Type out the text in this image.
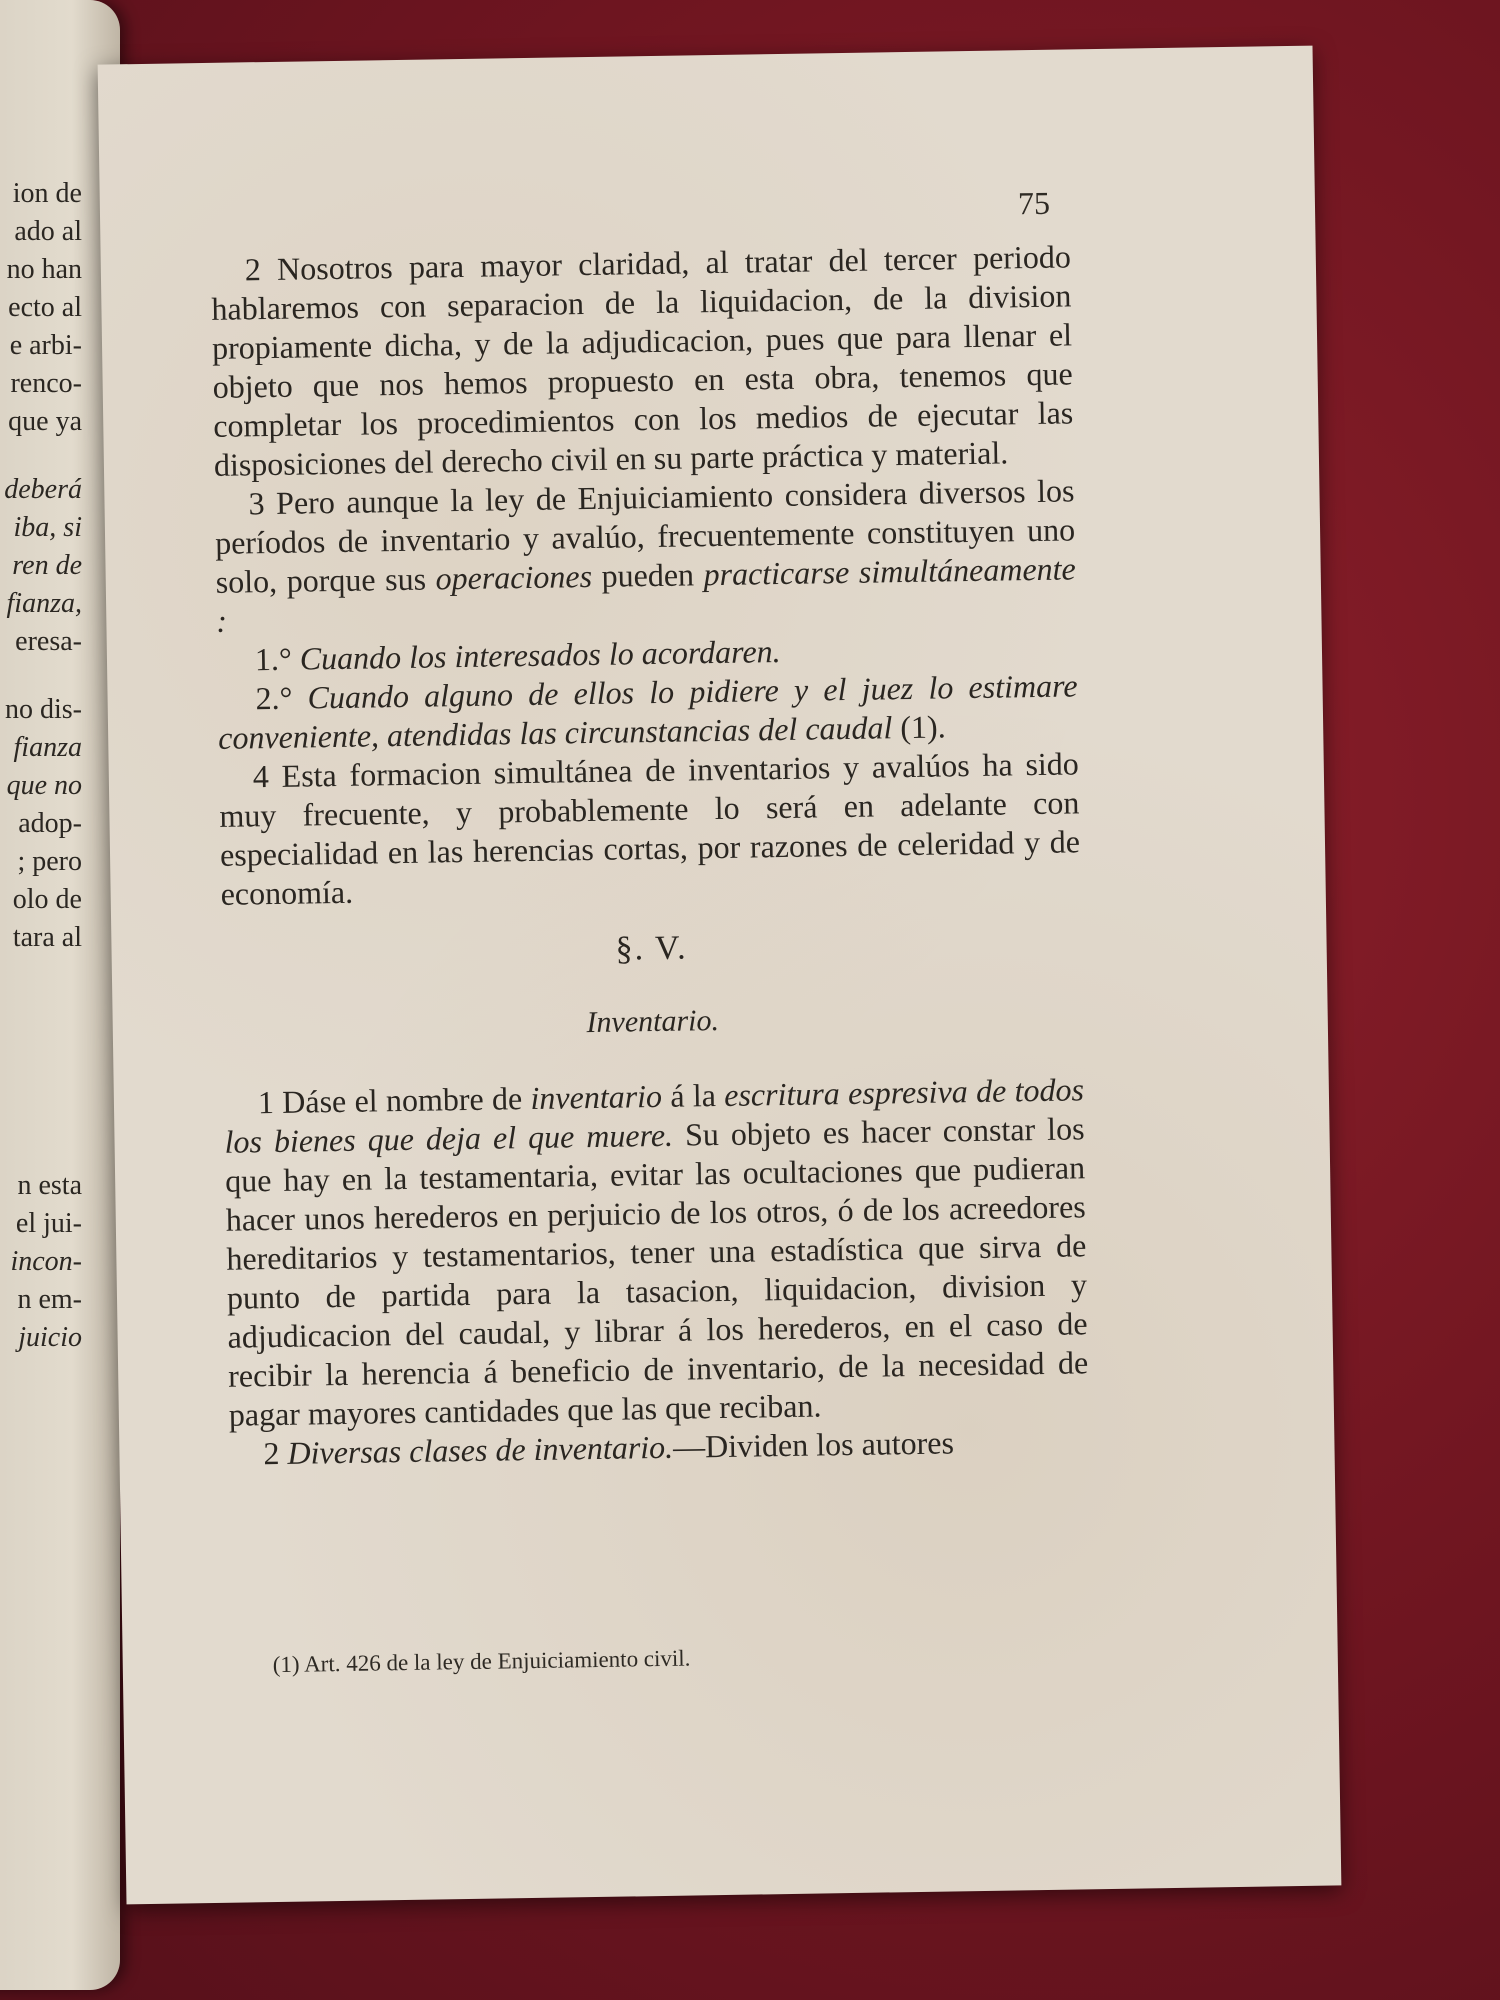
ion de
ado al
no han
ecto al
e arbi-
renco-
que ya
deberá
iba, si
ren de
fianza,
eresa-
no dis-
fianza
que no
adop-
; pero
olo de
tara al
n esta
el jui-
incon-
n em-
juicio
75

2 Nosotros para mayor claridad, al tratar del tercer periodo hablaremos con separacion de la liquidacion, de la division propiamente dicha, y de la adjudicacion, pues que para llenar el objeto que nos hemos propuesto en esta obra, tenemos que completar los procedimientos con los medios de ejecutar las disposiciones del derecho civil en su parte práctica y material.

3 Pero aunque la ley de Enjuiciamiento considera diversos los períodos de inventario y avalúo, frecuentemente constituyen uno solo, porque sus operaciones pueden practicarse simultáneamente :

1.° Cuando los interesados lo acordaren.

2.° Cuando alguno de ellos lo pidiere y el juez lo estimare conveniente, atendidas las circunstancias del caudal (1).

4 Esta formacion simultánea de inventarios y avalúos ha sido muy frecuente, y probablemente lo será en adelante con especialidad en las herencias cortas, por razones de celeridad y de economía.

§. V.
Inventario.

1 Dáse el nombre de inventario á la escritura espresiva de todos los bienes que deja el que muere. Su objeto es hacer constar los que hay en la testamentaria, evitar las ocultaciones que pudieran hacer unos herederos en perjuicio de los otros, ó de los acreedores hereditarios y testamentarios, tener una estadística que sirva de punto de partida para la tasacion, liquidacion, division y adjudicacion del caudal, y librar á los herederos, en el caso de recibir la herencia á beneficio de inventario, de la necesidad de pagar mayores cantidades que las que reciban.

2 Diversas clases de inventario.—Dividen los autores

(1) Art. 426 de la ley de Enjuiciamiento civil.
